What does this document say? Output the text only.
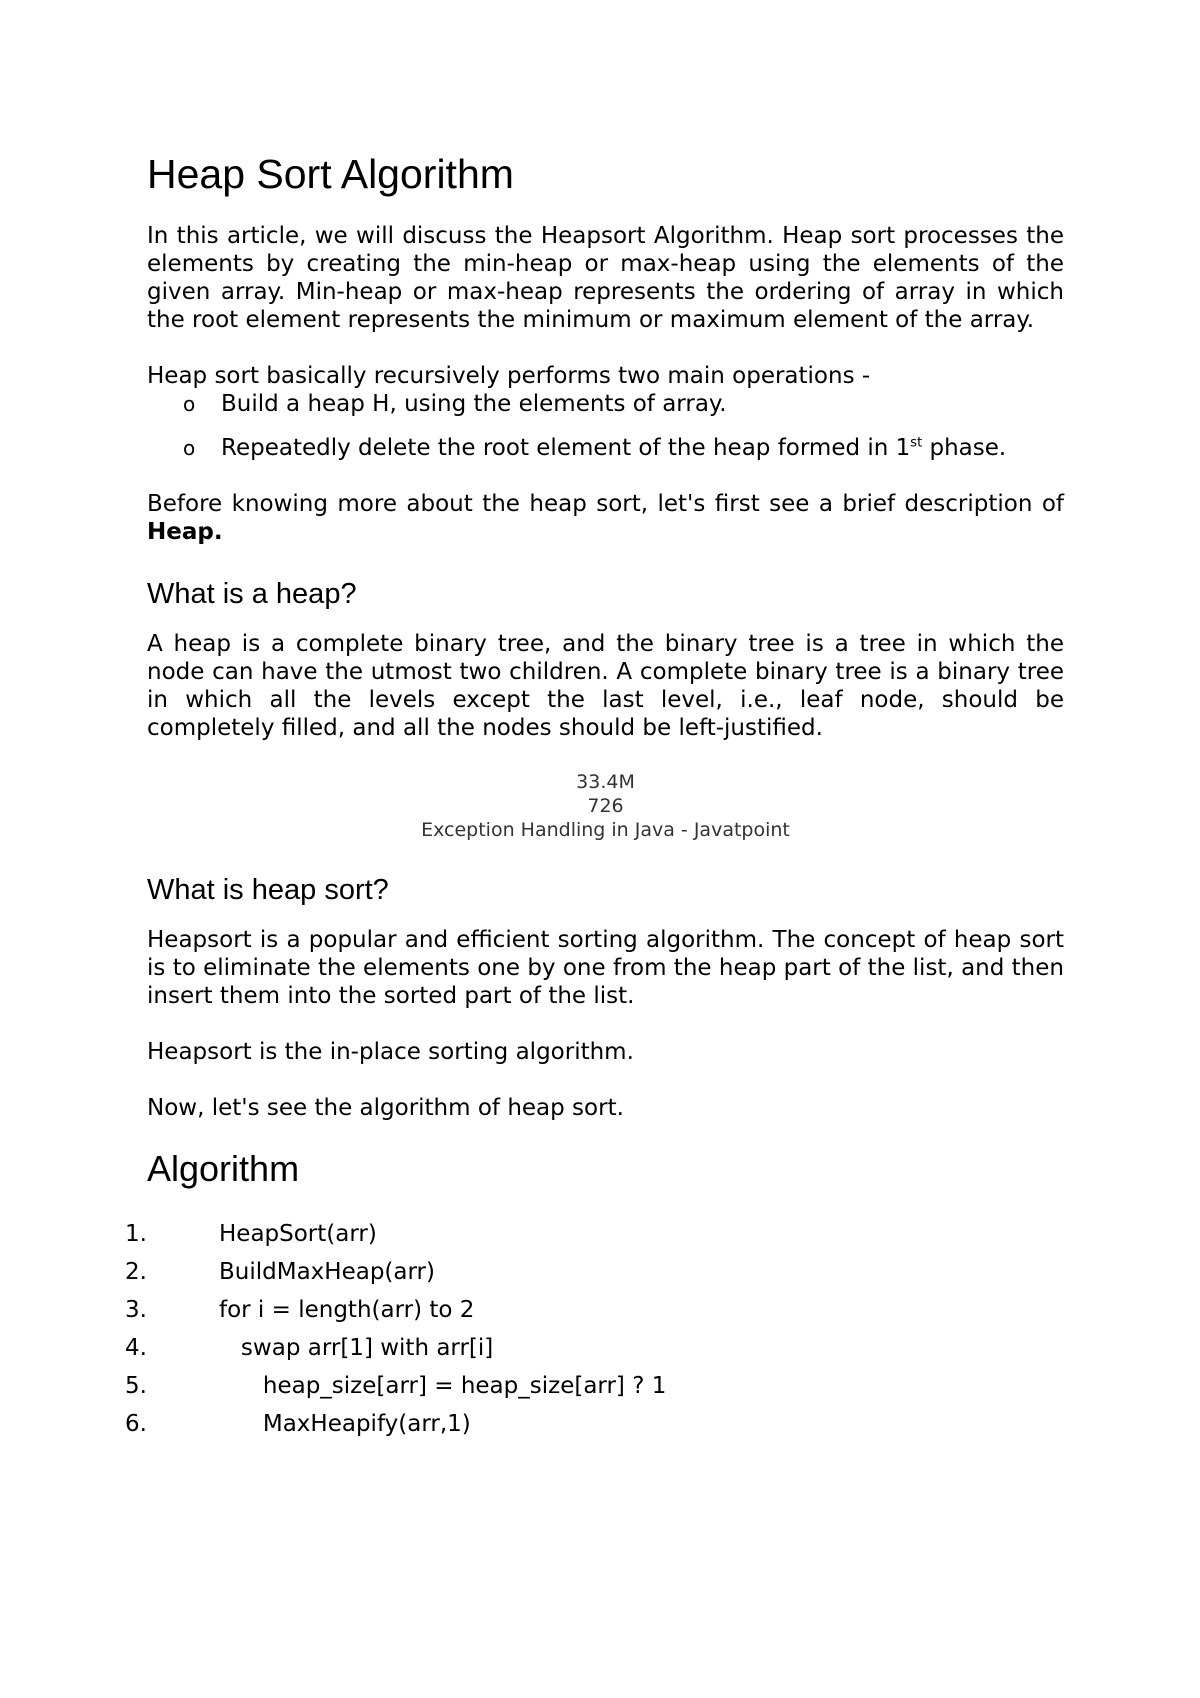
Heap Sort Algorithm

In this article, we will discuss the Heapsort Algorithm. Heap sort processes the elements by creating the min-heap or max-heap using the elements of the given array. Min-heap or max-heap represents the ordering of array in which the root element represents the minimum or maximum element of the array.

Heap sort basically recursively performs two main operations -

o Build a heap H, using the elements of array.
o Repeatedly delete the root element of the heap formed in 1st phase.

Before knowing more about the heap sort, let's first see a brief description of Heap.

What is a heap?

A heap is a complete binary tree, and the binary tree is a tree in which the node can have the utmost two children. A complete binary tree is a binary tree in which all the levels except the last level, i.e., leaf node, should be completely filled, and all the nodes should be left-justified.

33.4M
726
Exception Handling in Java - Javatpoint
What is heap sort?

Heapsort is a popular and efficient sorting algorithm. The concept of heap sort is to eliminate the elements one by one from the heap part of the list, and then insert them into the sorted part of the list.

Heapsort is the in-place sorting algorithm.

Now, let's see the algorithm of heap sort.

Algorithm
1.	HeapSort(arr)
2.	BuildMaxHeap(arr)
3.	for i = length(arr) to 2
4.	swap arr[1] with arr[i]
5.	heap_size[arr] = heap_size[arr] ? 1
6.	MaxHeapify(arr,1)
